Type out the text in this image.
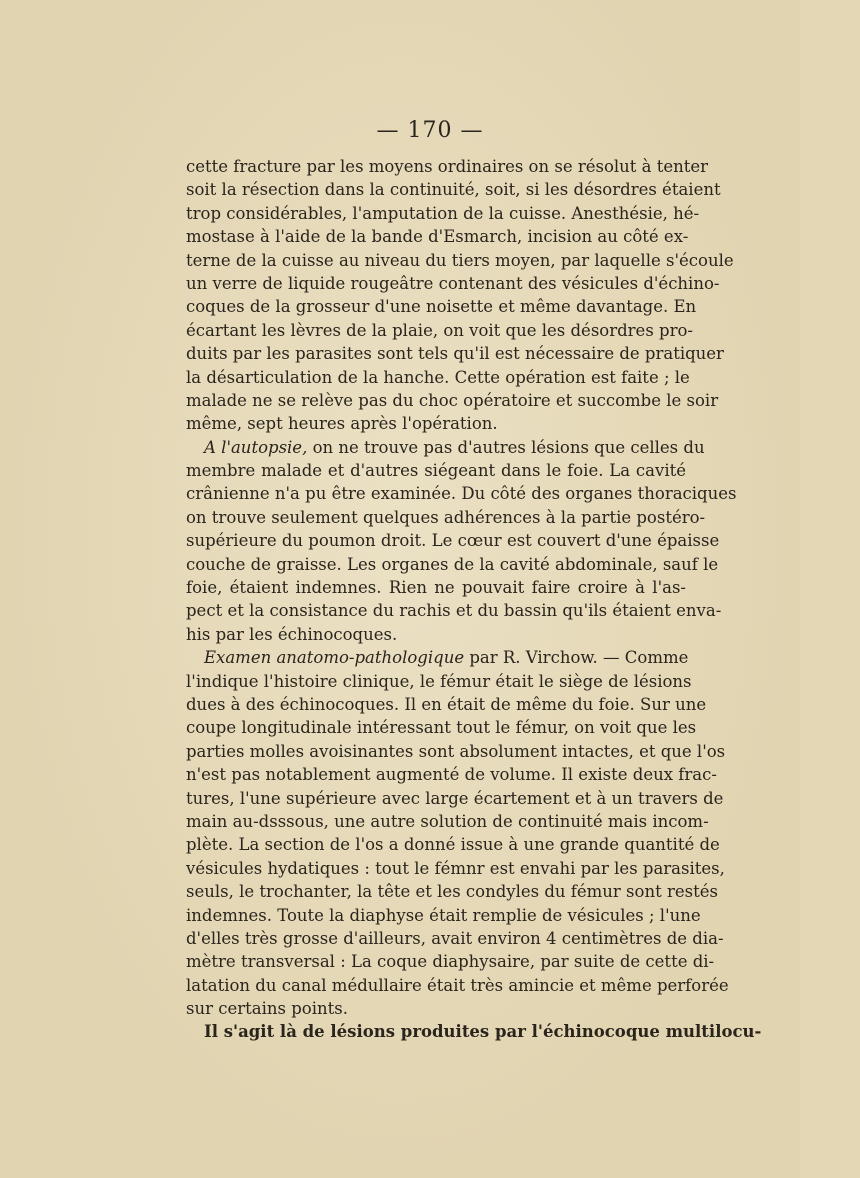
— 170 —
cette fracture par les moyens ordinaires on se résolut à tenter
soit la résection dans la continuité, soit, si les désordres étaient
trop considérables, l'amputation de la cuisse. Anesthésie, hé-
mostase à l'aide de la bande d'Esmarch, incision au côté ex-
terne de la cuisse au niveau du tiers moyen, par laquelle s'écoule
un verre de liquide rougeâtre contenant des vésicules d'échino-
coques de la grosseur d'une noisette et même davantage. En
écartant les lèvres de la plaie, on voit que les désordres pro-
duits par les parasites sont tels qu'il est nécessaire de pratiquer
la désarticulation de la hanche. Cette opération est faite ; le
malade ne se relève pas du choc opératoire et succombe le soir
même, sept heures après l'opération.
A l'autopsie, on ne trouve pas d'autres lésions que celles du
membre malade et d'autres siégeant dans le foie. La cavité
crânienne n'a pu être examinée. Du côté des organes thoraciques
on trouve seulement quelques adhérences à la partie postéro-
supérieure du poumon droit. Le cœur est couvert d'une épaisse
couche de graisse. Les organes de la cavité abdominale, sauf le
foie, étaient indemnes. Rien ne pouvait faire croire à l'as-
pect et la consistance du rachis et du bassin qu'ils étaient enva-
his par les échinocoques.
Examen anatomo-pathologique par R. Virchow. — Comme
l'indique l'histoire clinique, le fémur était le siège de lésions
dues à des échinocoques. Il en était de même du foie. Sur une
coupe longitudinale intéressant tout le fémur, on voit que les
parties molles avoisinantes sont absolument intactes, et que l'os
n'est pas notablement augmenté de volume. Il existe deux frac-
tures, l'une supérieure avec large écartement et à un travers de
main au-dsssous, une autre solution de continuité mais incom-
plète. La section de l'os a donné issue à une grande quantité de
vésicules hydatiques : tout le fémnr est envahi par les parasites,
seuls, le trochanter, la tête et les condyles du fémur sont restés
indemnes. Toute la diaphyse était remplie de vésicules ; l'une
d'elles très grosse d'ailleurs, avait environ 4 centimètres de dia-
mètre transversal : La coque diaphysaire, par suite de cette di-
latation du canal médullaire était très amincie et même perforée
sur certains points.
Il s'agit là de lésions produites par l'échinocoque multilocu-
